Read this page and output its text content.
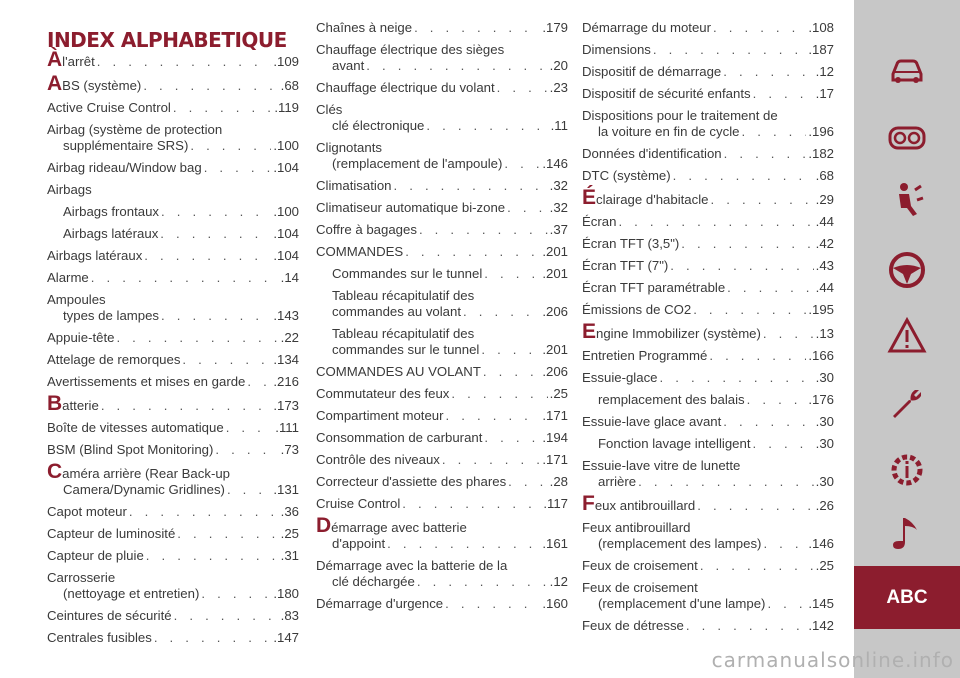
INDEX ALPHABETIQUE
Àl'arrêt . . .	.109
ABS (système) . . .	.68
Active Cruise Control . . .	.119
Airbag (système de protection
supplémentaire SRS) . . .	.100
Airbag rideau/Window bag . . .	.104
Airbags
Airbags frontaux . . .	.100
Airbags latéraux . . .	.104
Airbags latéraux . . .	.104
Alarme . . .	.14
Ampoules
types de lampes . . .	.143
Appuie-tête . . .	.22
Attelage de remorques . . .	.134
Avertissements et mises en garde . . . .216
Batterie . . .	.173
Boîte de vitesses automatique . . .	.111
BSM (Blind Spot Monitoring) . . .	.73
Caméra arrière (Rear Back-up
Camera/Dynamic Gridlines) . . .	.131
Capot moteur . . .	.36
Capteur de luminosité . . .	.25
Capteur de pluie . . .	.31
Carrosserie
(nettoyage et entretien) . . .	.180
Ceintures de sécurité . . .	.83
Centrales fusibles . . .	.147
Chaînes à neige . . .	.179
Chauffage électrique des sièges
avant . . .	.20
Chauffage électrique du volant . . .	.23
Clés
clé électronique . . .	.11
Clignotants
(remplacement de l'ampoule) . . .	.146
Climatisation . . .	.32
Climatiseur automatique bi-zone . . .	.32
Coffre à bagages . . .	.37
COMMANDES . . .	.201
Commandes sur le tunnel . . .	.201
Tableau récapitulatif des
commandes au volant . . .	.206
Tableau récapitulatif des
commandes sur le tunnel . . .	.201
COMMANDES AU VOLANT . . .	.206
Commutateur des feux . . .	.25
Compartiment moteur . . .	.171
Consommation de carburant . . .	.194
Contrôle des niveaux . . .	.171
Correcteur d'assiette des phares . . .	.28
Cruise Control . . .	.117
Démarrage avec batterie
d'appoint . . .	.161
Démarrage avec la batterie de la
clé déchargée . . .	.12
Démarrage d'urgence . . .	.160
Démarrage du moteur . . .	.108
Dimensions . . .	.187
Dispositif de démarrage . . .	.12
Dispositif de sécurité enfants . . .	.17
Dispositions pour le traitement de
la voiture en fin de cycle . . .	.196
Données d'identification . . .	.182
DTC (système) . . .	.68
Éclairage d'habitacle . . .	.29
Écran . . .	.44
Écran TFT (3,5") . . .	.42
Écran TFT (7") . . .	.43
Écran TFT paramétrable . . .	.44
Émissions de CO2 . . .	.195
Engine Immobilizer (système) . . .	.13
Entretien Programmé . . .	.166
Essuie-glace . . .	.30
remplacement des balais . . .	.176
Essuie-lave glace avant . . .	.30
Fonction lavage intelligent . . .	.30
Essuie-lave vitre de lunette
arrière . . .	.30
Feux antibrouillard . . .	.26
Feux antibrouillard
(remplacement des lampes) . . .	.146
Feux de croisement . . .	.25
Feux de croisement
(remplacement d'une lampe) . . .	.145
Feux de détresse . . .	.142
ABC
carmanualsonline.info
